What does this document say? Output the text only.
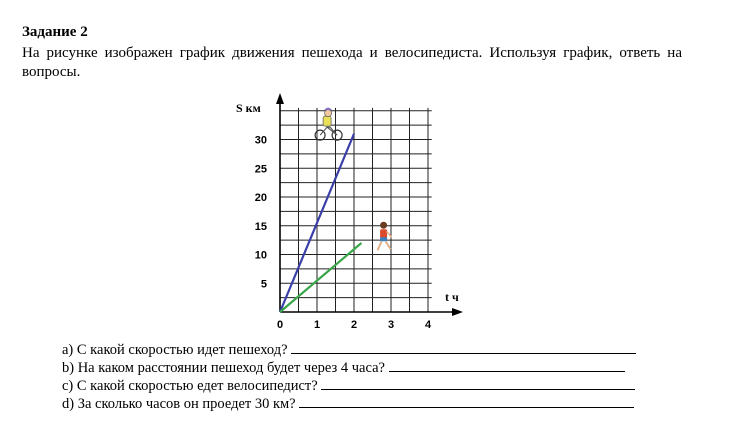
Задание 2
На рисунке изображен график движения пешехода и велосипедиста. Используя график, ответь на вопросы.
S км
t ч
5
10
15
20
25
30
0	1	2	3	4
а) С какой скоростью идет пешеход?
b) На каком расстоянии пешеход будет через 4 часа?
c) С какой скоростью едет велосипедист?
d) За сколько часов он проедет 30 км?
